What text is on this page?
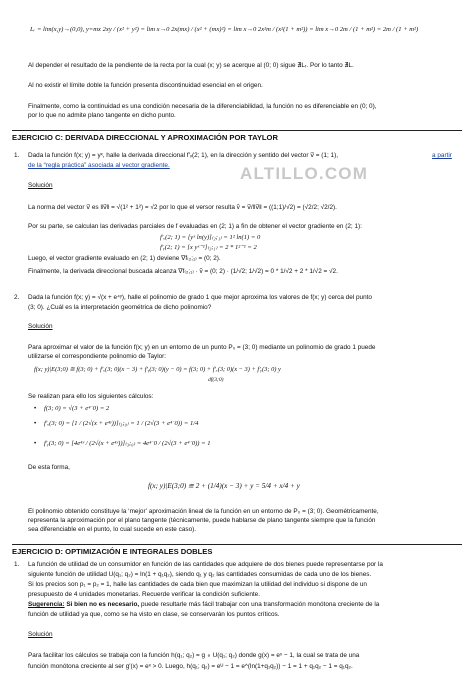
ALTILLO.COM
Lᵣ = lim(x,y)→(0,0), y=mx 2xy / (x² + y²) = lim x→0 2x(mx) / (x² + (mx)²) = lim x→0 2x²m / (x²(1 + m²)) = lim x→0 2m / (1 + m²) = 2m / (1 + m²)
Al depender el resultado de la pendiente de la recta por la cual (x; y) se acerque al (0; 0) sigue ∄Lᵣ. Por lo tanto ∄L.
Al no existir el límite doble la función presenta discontinuidad esencial en el origen.
Finalmente, como la continuidad es una condición necesaria de la diferenciabilidad, la función no es diferenciable en (0; 0),
por lo que no admite plano tangente en dicho punto.
EJERCICIO C: DERIVADA DIRECCIONAL Y APROXIMACIÓN POR TAYLOR
1. Dada la función f(x; y) = yˣ, halle la derivada direccional f′ᵥ(2; 1), en la dirección y sentido del vector v⃗ = (1; 1),	a partir
de la “regla práctica” asociada al vector gradiente.
Solución
La norma del vector v⃗ es ‖v⃗‖ = √(1² + 1²) = √2 por lo que el versor resulta v̂ = v⃗/‖v⃗‖ = ((1;1)/√2) = (√2/2; √2/2).
Por su parte, se calculan las derivadas parciales de f evaluadas en (2; 1) a fin de obtener el vector gradiente en (2; 1):
f′ₓ(2; 1) = [yˣ ln(y)]₍₂;₁₎ = 1² ln(1) = 0
f′ᵧ(2; 1) = [x yˣ⁻¹]₍₂;₁₎ = 2 * 1²⁻¹ = 2
Luego, el vector gradiente evaluado en (2; 1) deviene ∇f₍₂;₁₎ = (0; 2).
Finalmente, la derivada direccional buscada alcanza ∇f₍₂;₁₎ · v̂ = (0; 2) · (1/√2; 1/√2) = 0 * 1/√2 + 2 * 1/√2 = √2.
2. Dada la función f(x; y) = √(x + e⁴ʸ), halle el polinomio de grado 1 que mejor aproxima los valores de f(x; y) cerca del punto
(3; 0). ¿Cuál es la interpretación geométrica de dicho polinomio?
Solución
Para aproximar el valor de la función f(x; y) en un entorno de un punto P₀ = (3; 0) mediante un polinomio de grado 1 puede
utilizarse el correspondiente polinomio de Taylor:
f(x; y)|E(3;0) ≅ f(3; 0) + f′ₓ(3; 0)(x − 3) + f′ᵧ(3; 0)(y − 0) = f(3; 0) + f′ₓ(3; 0)(x − 3) + f′ᵧ(3; 0) y
df(3;0)
Se realizan para ello los siguientes cálculos:
• f(3; 0) = √(3 + e⁴˙0) = 2
• f′ₓ(3; 0) = [1 / (2√(x + e⁴ʸ))]₍₃;₀₎ = 1 / (2√(3 + e⁴˙0)) = 1/4
• f′ᵧ(3; 0) = [4e⁴ʸ / (2√(x + e⁴ʸ))]₍₃;₀₎ = 4e⁴˙0 / (2√(3 + e⁴˙0)) = 1
De esta forma,
f(x; y)|E(3;0) ≅ 2 + (1/4)(x − 3) + y = 5/4 + x/4 + y
El polinomio obtenido constituye la ‘mejor’ aproximación lineal de la función en un entorno de P₀ = (3; 0). Geométricamente,
representa la aproximación por el plano tangente (técnicamente, puede hablarse de plano tangente siempre que la función
sea diferenciable en el punto, lo cual sucede en este caso).
EJERCICIO D: OPTIMIZACIÓN E INTEGRALES DOBLES
1. La función de utilidad de un consumidor en función de las cantidades que adquiere de dos bienes puede representarse por la
siguiente función de utilidad U(q₁; q₂) = ln(1 + q₁q₂), siendo q₁ y q₂ las cantidades consumidas de cada uno de los bienes.
Si los precios son p₁ = p₂ = 1, halle las cantidades de cada bien que maximizan la utilidad del individuo si dispone de un
presupuesto de 4 unidades monetarias. Recuerde verificar la condición suficiente.
Sugerencia: Si bien no es necesario, puede resultarle más fácil trabajar con una transformación monótona creciente de la
función de utilidad ya que, como se ha visto en clase, se conservarán los puntos críticos.
Solución
Para facilitar los cálculos se trabaja con la función h(q₁; q₂) = g ∘ U(q₁; q₂) donde g(x) = eˣ − 1, la cual se trata de una
función monótona creciente al ser g′(x) = eˣ > 0. Luego, h(q₁; q₂) = eᵁ − 1 = e^(ln(1+q₁q₂)) − 1 = 1 + q₁q₂ − 1 = q₁q₂.
